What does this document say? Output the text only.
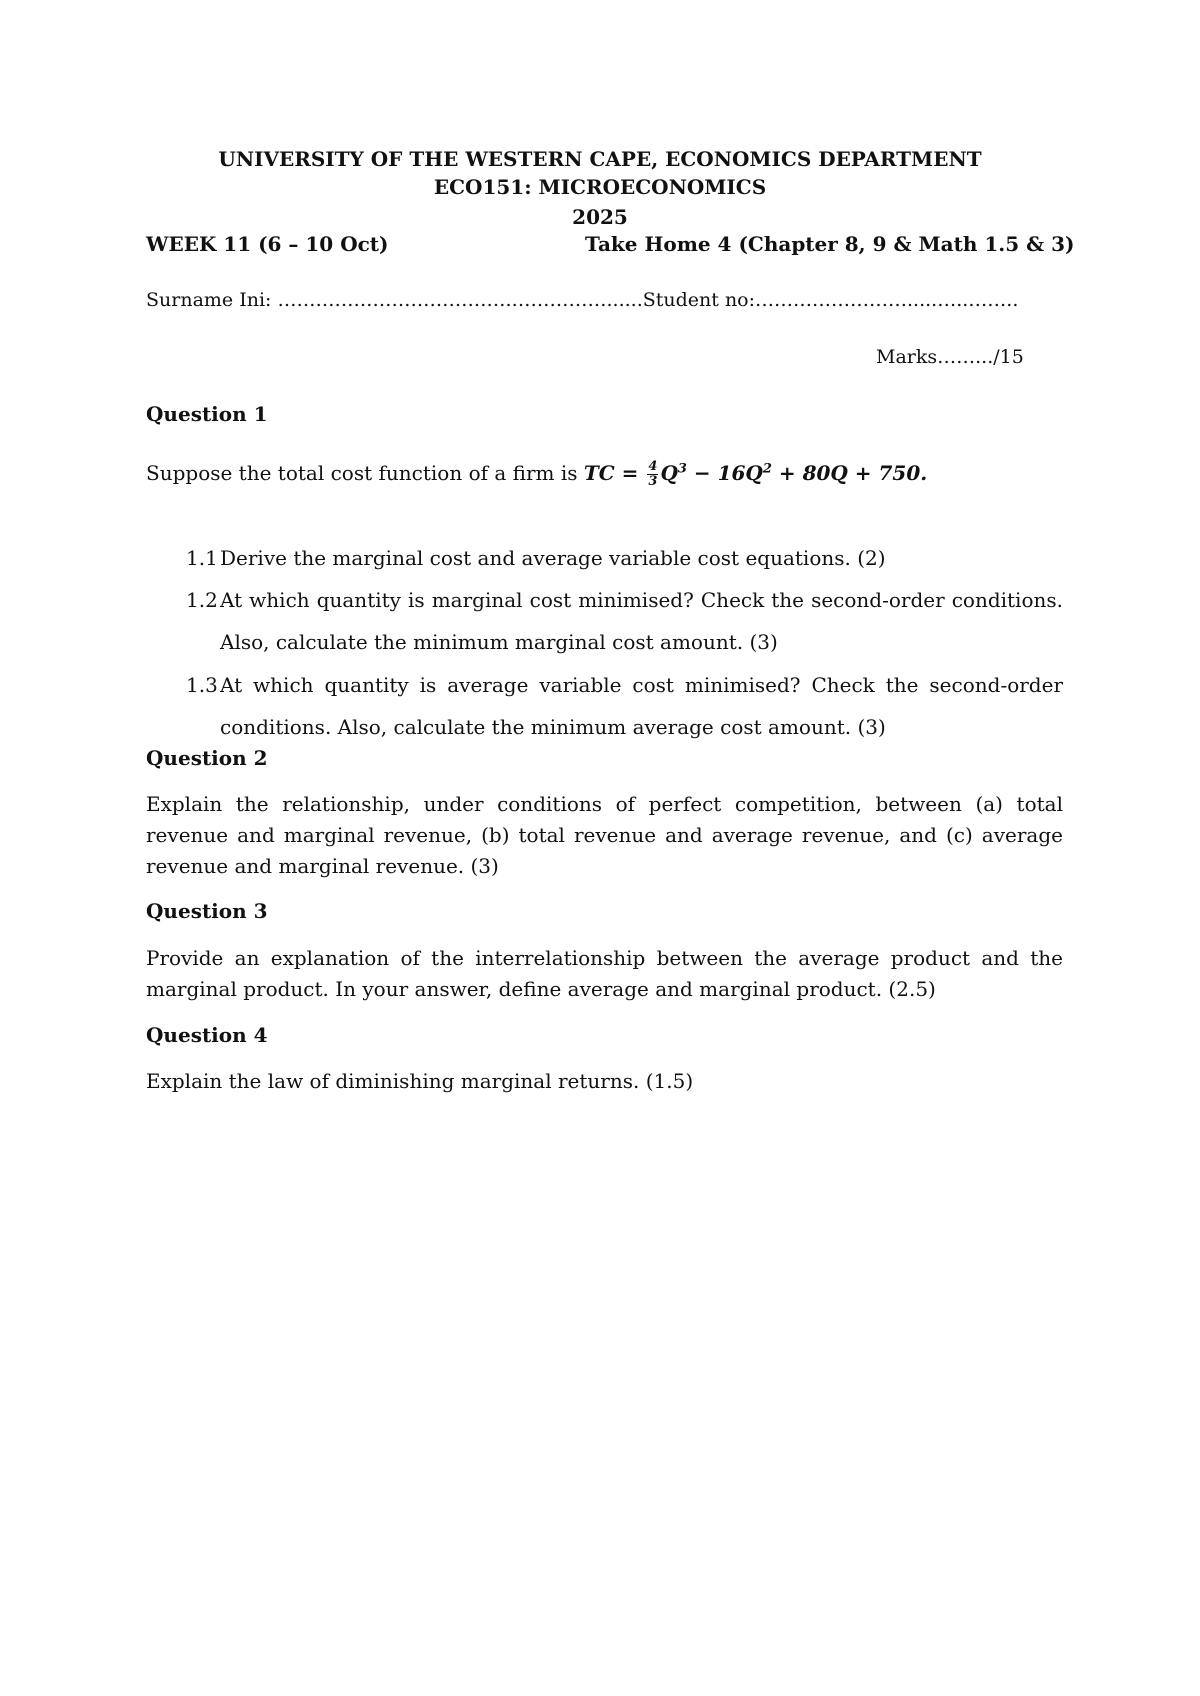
UNIVERSITY OF THE WESTERN CAPE, ECONOMICS DEPARTMENT
ECO151: MICROECONOMICS
2025
WEEK 11 (6 – 10 Oct)	Take Home 4 (Chapter 8, 9 & Math 1.5 & 3)
Surname Ini: ……………………………….……………......Student no:…………………….....…..……..
Marks…….../15
Question 1
Suppose the total cost function of a firm is TC = $\frac{4}{3} Q^3 - 16Q^2 + 80Q + 750$.
1.1 Derive the marginal cost and average variable cost equations. (2)
1.2 At which quantity is marginal cost minimised? Check the second-order conditions. Also, calculate the minimum marginal cost amount. (3)
1.3 At which quantity is average variable cost minimised? Check the second-order conditions. Also, calculate the minimum average cost amount. (3)
Question 2
Explain the relationship, under conditions of perfect competition, between (a) total revenue and marginal revenue, (b) total revenue and average revenue, and (c) average revenue and marginal revenue. (3)
Question 3
Provide an explanation of the interrelationship between the average product and the marginal product. In your answer, define average and marginal product. (2.5)
Question 4
Explain the law of diminishing marginal returns. (1.5)
